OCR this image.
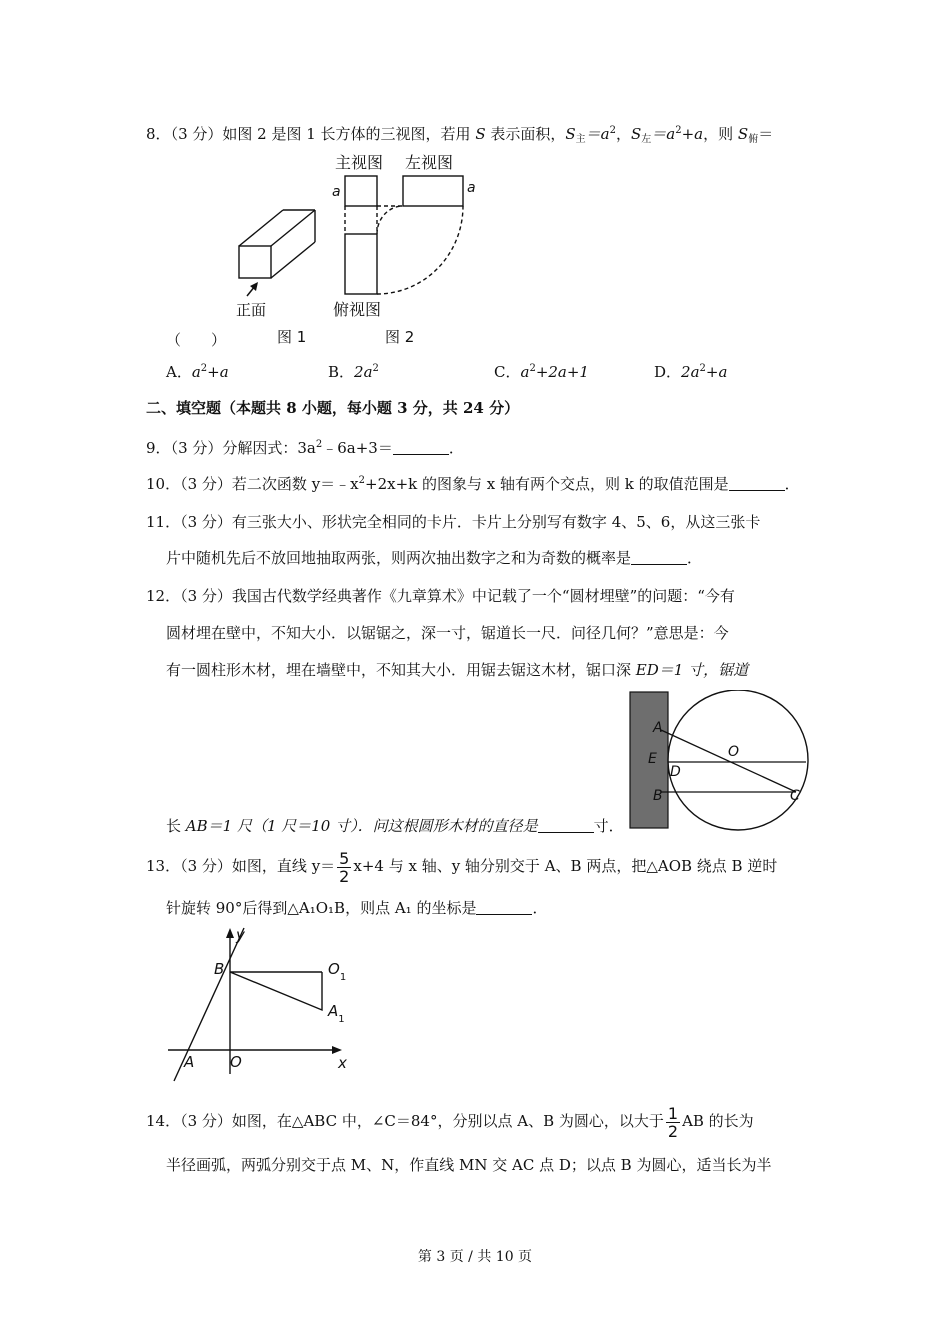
8．（3 分）如图 2 是图 1 长方体的三视图，若用 S 表示面积，$S_主=a^2$，$S_左=a^2+a$，则 $S_俯=$
正面
图 1
主视图 左视图
a	a
俯视图
图 2
（　　）
A．$a^2+a$	B．$2a^2$	C．$a^2+2a+1$	D．$2a^2+a$
二、填空题（本题共 8 小题，每小题 3 分，共 24 分）
9．（3 分）分解因式：$3a^2﹣6a+3=$	．
10．（3 分）若二次函数 $y=﹣x^2+2x+k$ 的图象与 x 轴有两个交点，则 k 的取值范围是	．
11．（3 分）有三张大小、形状完全相同的卡片．卡片上分别写有数字 4、5、6，从这三张卡
片中随机先后不放回地抽取两张，则两次抽出数字之和为奇数的概率是	．
12．（3 分）我国古代数学经典著作《九章算术》中记载了一个“圆材埋壁”的问题：“今有
圆材埋在壁中，不知大小．以锯锯之，深一寸，锯道长一尺．问径几何？”意思是：今
有一圆柱形木材，埋在墙壁中，不知其大小．用锯去锯这木材，锯口深 ED＝1 寸，锯道
A
E
D
B
O
C
长 AB＝1 尺（1 尺＝10 寸）．问这根圆形木材的直径是	寸．
13．（3 分）如图，直线 $y= \frac{5}{2} x+4$ 与 x 轴、y 轴分别交于 A、B 两点，把△AOB 绕点 B 逆时
针旋转 90°后得到△A₁O₁B，则点 A₁ 的坐标是	．
y
x
B
O
A
$O_1$
$A_1$
14．（3 分）如图，在△ABC 中，∠C＝84°，分别以点 A、B 为圆心，以大于 $\frac{1}{2}$ AB 的长为
半径画弧，两弧分别交于点 M、N，作直线 MN 交 AC 点 D；以点 B 为圆心，适当长为半
第 3 页 / 共 10 页
